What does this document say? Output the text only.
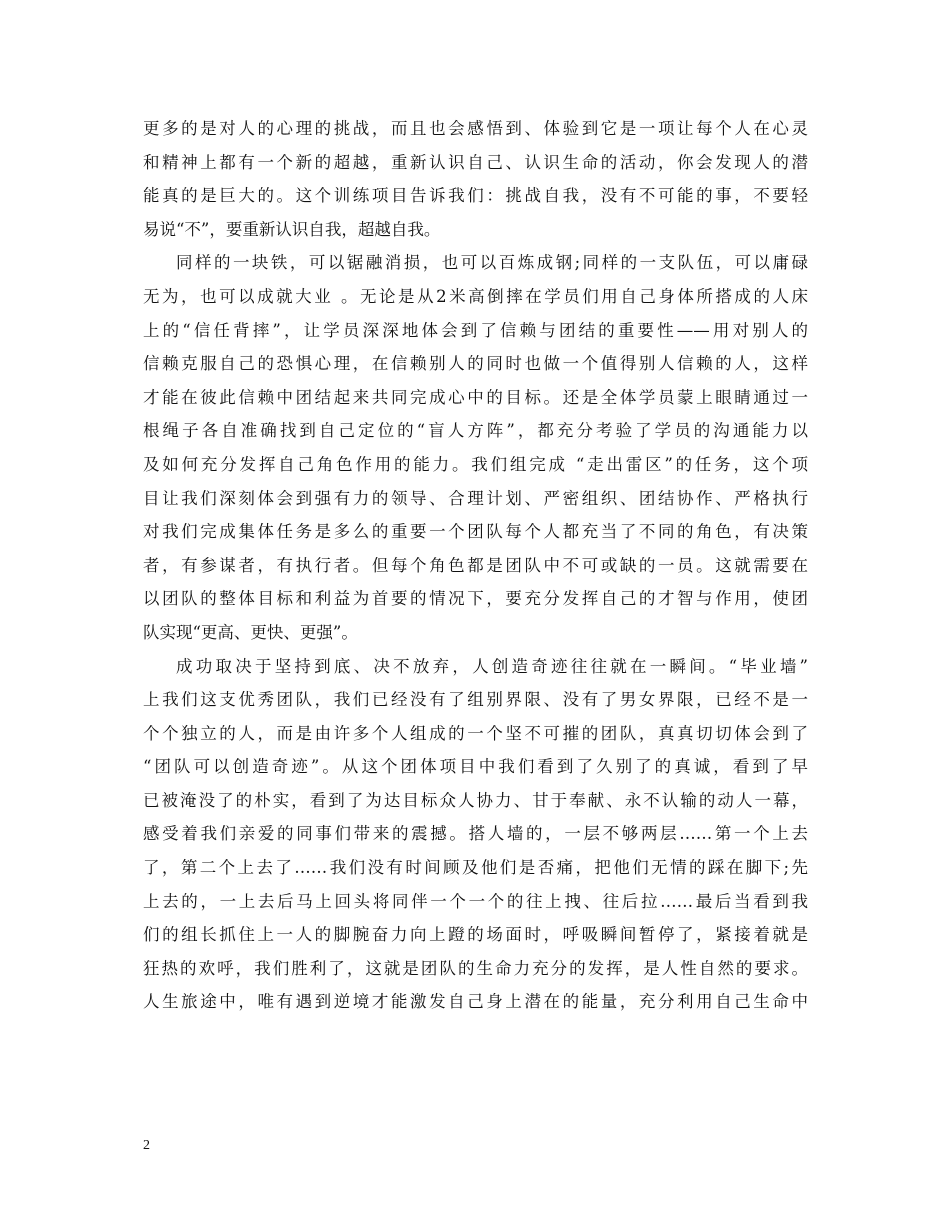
更多的是对人的心理的挑战，而且也会感悟到、体验到它是一项让每个人在心灵
和精神上都有一个新的超越，重新认识自己、认识生命的活动，你会发现人的潜
能真的是巨大的。这个训练项目告诉我们：挑战自我，没有不可能的事，不要轻
易说“不”，要重新认识自我，超越自我。
同样的一块铁，可以锯融消损，也可以百炼成钢;同样的一支队伍，可以庸碌
无为，也可以成就大业 。无论是从2米高倒摔在学员们用自己身体所搭成的人床
上的“信任背摔”，让学员深深地体会到了信赖与团结的重要性——用对别人的
信赖克服自己的恐惧心理，在信赖别人的同时也做一个值得别人信赖的人，这样
才能在彼此信赖中团结起来共同完成心中的目标。还是全体学员蒙上眼睛通过一
根绳子各自准确找到自己定位的“盲人方阵”，都充分考验了学员的沟通能力以
及如何充分发挥自己角色作用的能力。我们组完成 “走出雷区”的任务，这个项
目让我们深刻体会到强有力的领导、合理计划、严密组织、团结协作、严格执行
对我们完成集体任务是多么的重要一个团队每个人都充当了不同的角色，有决策
者，有参谋者，有执行者。但每个角色都是团队中不可或缺的一员。这就需要在
以团队的整体目标和利益为首要的情况下，要充分发挥自己的才智与作用，使团
队实现“更高、更快、更强”。
成功取决于坚持到底、决不放弃，人创造奇迹往往就在一瞬间。“毕业墙”
上我们这支优秀团队，我们已经没有了组别界限、没有了男女界限，已经不是一
个个独立的人，而是由许多个人组成的一个坚不可摧的团队，真真切切体会到了
“团队可以创造奇迹”。从这个团体项目中我们看到了久别了的真诚，看到了早
已被淹没了的朴实，看到了为达目标众人协力、甘于奉献、永不认输的动人一幕，
感受着我们亲爱的同事们带来的震撼。搭人墙的，一层不够两层……第一个上去
了，第二个上去了……我们没有时间顾及他们是否痛，把他们无情的踩在脚下;先
上去的，一上去后马上回头将同伴一个一个的往上拽、往后拉……最后当看到我
们的组长抓住上一人的脚腕奋力向上蹬的场面时，呼吸瞬间暂停了，紧接着就是
狂热的欢呼，我们胜利了，这就是团队的生命力充分的发挥，是人性自然的要求。
人生旅途中，唯有遇到逆境才能激发自己身上潜在的能量，充分利用自己生命中
2
